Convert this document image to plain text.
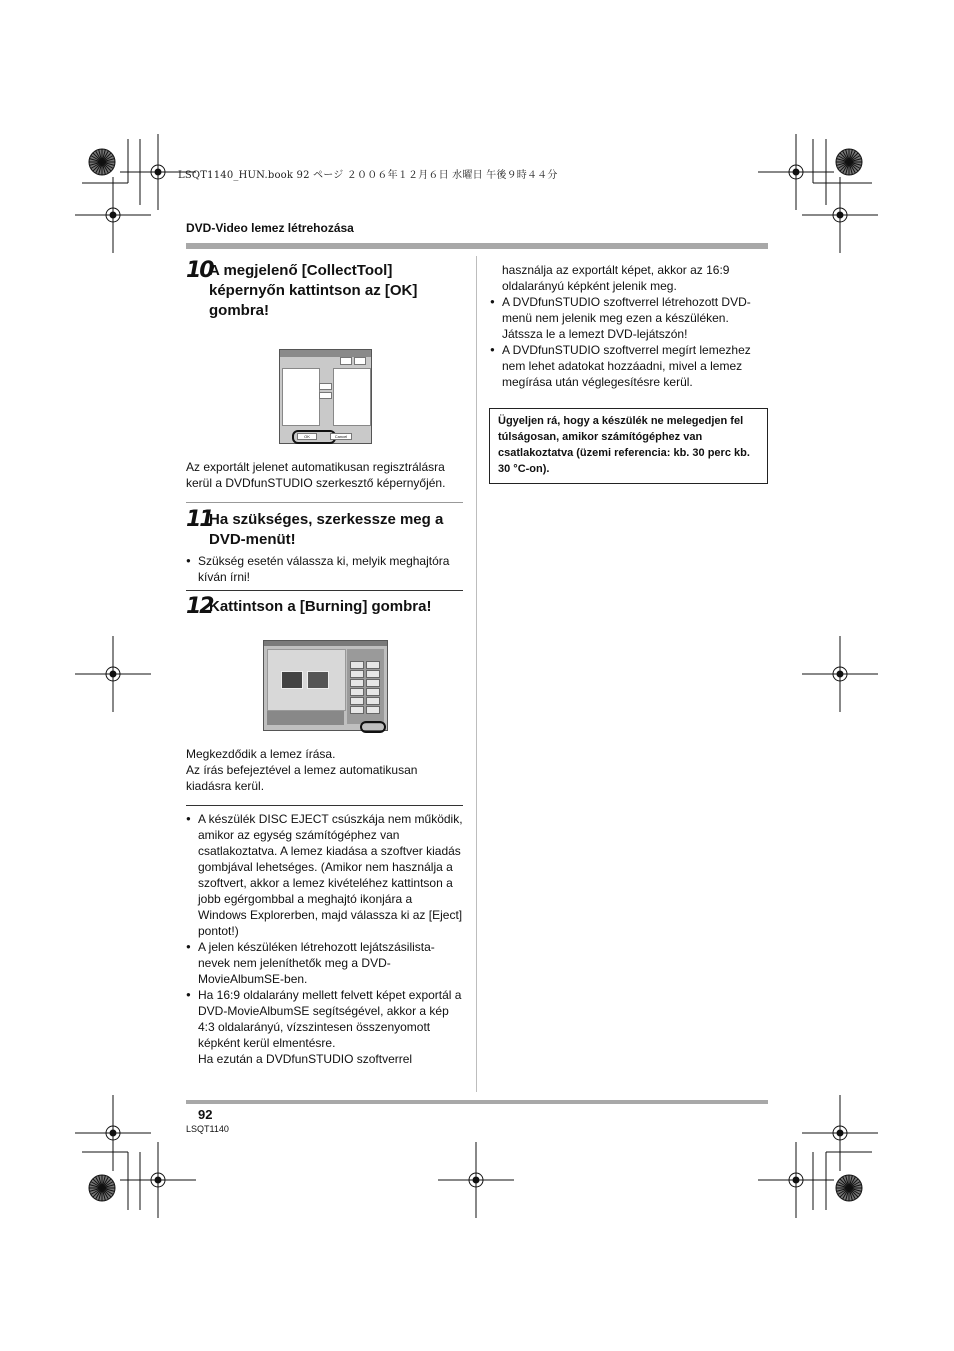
LSQT1140_HUN.book 92 ページ ２００６年１２月６日 水曜日 午後９時４４分
DVD-Video lemez létrehozása
10
A megjelenő [CollectTool] képernyőn kattintson az [OK] gombra!
OK	Cancel
Az exportált jelenet automatikusan regisztrálásra kerül a DVDfunSTUDIO szerkesztő képernyőjén.
11
Ha szükséges, szerkessze meg a DVD-menüt!
● Szükség esetén válassza ki, melyik meghajtóra kíván írni!
12
Kattintson a [Burning] gombra!
Megkezdődik a lemez írása.
Az írás befejeztével a lemez automatikusan kiadásra kerül.
● A készülék DISC EJECT csúszkája nem működik, amikor az egység számítógéphez van csatlakoztatva. A lemez kiadása a szoftver kiadás gombjával lehetséges. (Amikor nem használja a szoftvert, akkor a lemez kivételéhez kattintson a jobb egérgombbal a meghajtó ikonjára a Windows Explorerben, majd válassza ki az [Eject] pontot!)
● A jelen készüléken létrehozott lejátszásilista-nevek nem jeleníthetők meg a DVD-MovieAlbumSE-ben.
● Ha 16:9 oldalarány mellett felvett képet exportál a DVD-MovieAlbumSE segítségével, akkor a kép 4:3 oldalarányú, vízszintesen összenyomott képként kerül elmentésre.
Ha ezután a DVDfunSTUDIO szoftverrel
használja az exportált képet, akkor az 16:9 oldalarányú képként jelenik meg.
● A DVDfunSTUDIO szoftverrel létrehozott DVD-menü nem jelenik meg ezen a készüléken. Játssza le a lemezt DVD-lejátszón!
● A DVDfunSTUDIO szoftverrel megírt lemezhez nem lehet adatokat hozzáadni, mivel a lemez megírása után véglegesítésre kerül.
Ügyeljen rá, hogy a készülék ne melegedjen fel túlságosan, amikor számítógéphez van csatlakoztatva (üzemi referencia: kb. 30 perc kb. 30 °C-on).
92
LSQT1140
